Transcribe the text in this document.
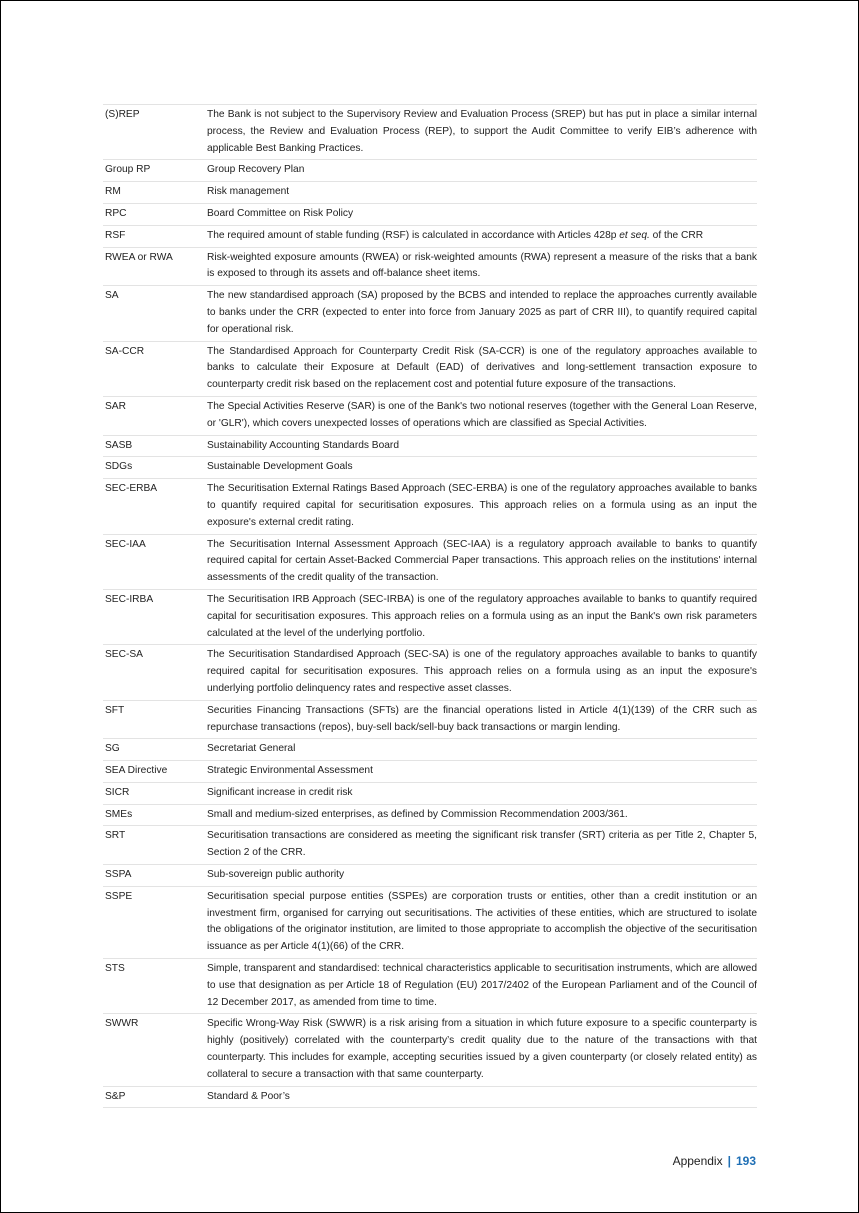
(S)REP	The Bank is not subject to the Supervisory Review and Evaluation Process (SREP) but has put in place a similar internal process, the Review and Evaluation Process (REP), to support the Audit Committee to verify EIB’s adherence with applicable Best Banking Practices.
Group RP	Group Recovery Plan
RM	Risk management
RPC	Board Committee on Risk Policy
RSF	The required amount of stable funding (RSF) is calculated in accordance with Articles 428p et seq. of the CRR
RWEA or RWA	Risk-weighted exposure amounts (RWEA) or risk-weighted amounts (RWA) represent a measure of the risks that a bank is exposed to through its assets and off-balance sheet items.
SA	The new standardised approach (SA) proposed by the BCBS and intended to replace the approaches currently available to banks under the CRR (expected to enter into force from January 2025 as part of CRR III), to quantify required capital for operational risk.
SA-CCR	The Standardised Approach for Counterparty Credit Risk (SA-CCR) is one of the regulatory approaches available to banks to calculate their Exposure at Default (EAD) of derivatives and long-settlement transaction exposure to counterparty credit risk based on the replacement cost and potential future exposure of the transactions.
SAR	The Special Activities Reserve (SAR) is one of the Bank's two notional reserves (together with the General Loan Reserve, or 'GLR'), which covers unexpected losses of operations which are classified as Special Activities.
SASB	Sustainability Accounting Standards Board
SDGs	Sustainable Development Goals
SEC-ERBA	The Securitisation External Ratings Based Approach (SEC-ERBA) is one of the regulatory approaches available to banks to quantify required capital for securitisation exposures. This approach relies on a formula using as an input the exposure's external credit rating.
SEC-IAA	The Securitisation Internal Assessment Approach (SEC-IAA) is a regulatory approach available to banks to quantify required capital for certain Asset-Backed Commercial Paper transactions. This approach relies on the institutions' internal assessments of the credit quality of the transaction.
SEC-IRBA	The Securitisation IRB Approach (SEC-IRBA) is one of the regulatory approaches available to banks to quantify required capital for securitisation exposures. This approach relies on a formula using as an input the Bank's own risk parameters calculated at the level of the underlying portfolio.
SEC-SA	The Securitisation Standardised Approach (SEC-SA) is one of the regulatory approaches available to banks to quantify required capital for securitisation exposures. This approach relies on a formula using as an input the exposure's underlying portfolio delinquency rates and respective asset classes.
SFT	Securities Financing Transactions (SFTs) are the financial operations listed in Article 4(1)(139) of the CRR such as repurchase transactions (repos), buy-sell back/sell-buy back transactions or margin lending.
SG	Secretariat General
SEA Directive	Strategic Environmental Assessment
SICR	Significant increase in credit risk
SMEs	Small and medium-sized enterprises, as defined by Commission Recommendation 2003/361.
SRT	Securitisation transactions are considered as meeting the significant risk transfer (SRT) criteria as per Title 2, Chapter 5, Section 2 of the CRR.
SSPA	Sub-sovereign public authority
SSPE	Securitisation special purpose entities (SSPEs) are corporation trusts or entities, other than a credit institution or an investment firm, organised for carrying out securitisations. The activities of these entities, which are structured to isolate the obligations of the originator institution, are limited to those appropriate to accomplish the objective of the securitisation issuance as per Article 4(1)(66) of the CRR.
STS	Simple, transparent and standardised: technical characteristics applicable to securitisation instruments, which are allowed to use that designation as per Article 18 of Regulation (EU) 2017/2402 of the European Parliament and of the Council of 12 December 2017, as amended from time to time.
SWWR	Specific Wrong-Way Risk (SWWR) is a risk arising from a situation in which future exposure to a specific counterparty is highly (positively) correlated with the counterparty’s credit quality due to the nature of the transactions with that counterparty. This includes for example, accepting securities issued by a given counterparty (or closely related entity) as collateral to secure a transaction with that same counterparty.
S&P	Standard & Poor’s
Appendix | 193
